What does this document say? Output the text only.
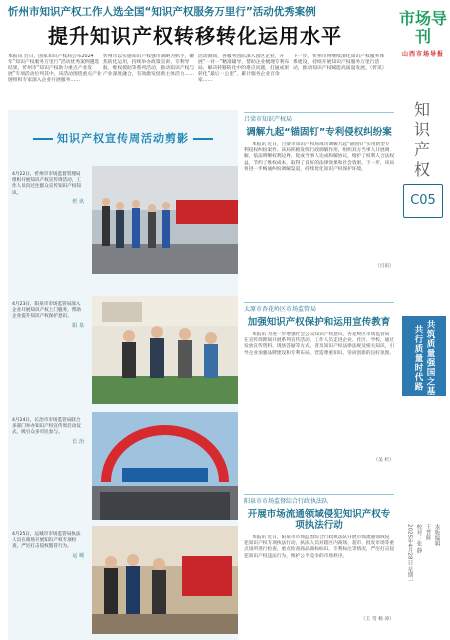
忻州市知识产权工作人选全国“知识产权服务万里行”活动优秀案例
提升知识产权转移转化运用水平
本报讯 近日，国家知识产权局公布2024年“知识产权服务万里行”活动优秀案例遴选结果，忻州市“知识产权助力重点产业发展”专项活动位列其中。该活动围绕重点产业链组织专家深入企业开展服务……忻州市以实施知识产权强市战略为抓手，聚焦转化运用，持续举办政策宣讲、专利导航、维权援助等系列活动，推动知识产权与产业深度融合，有效激发创新主体活力……活动期间，各服务团队深入园区企业，开展“一对一”精准辅导，帮助企业梳理专利布局，解决转移转化中的难点问题，打通成果转化“最后一公里”，累计服务企业百余家……下一步，忻州市将继续深化知识产权服务体系建设，持续开展知识产权服务万里行活动，推动知识产权赋能高质量发展。（忻讯）
市场导刊
山西市场导报
知识产权
C05
共筑质量强国之基
共行质量时代路
本版编辑
王晋辉
校对：张 静
2025年4月28日 星期一
知识产权宣传周活动剪影
4月22日，忻州市市场监督管理局组织开展知识产权宣传周活动，工作人员向过往群众宣传知识产权知识。
忻 讯
4月23日，阳泉市市场监管局深入企业开展知识产权上门服务，帮助企业提升知识产权保护意识。
阳 泉
4月24日，长治市市场监管局联合多部门举办知识产权宣传周启动仪式，吸引众多市民参与。
长 治
4月25日，运城市市场监管局执法人员在商场开展知识产权专项检查，严厉打击侵权假冒行为。
运 城
吕梁市知识产权局
调解九起“锚固钉”专利侵权纠纷案
本报讯 近日，吕梁市知识产权局成功调解九起“锚固钉”实用新型专利侵权纠纷案件。该局积极发挥行政调解作用，组织双方当事人开展调解，依法明晰权利边界，促成当事人达成和解协议，维护了权利人合法权益，节约了维权成本，取得了良好的法律效果和社会效果。下一步，该局将进一步畅通纠纷调解渠道，持续优化知识产权保护环境。
（吕讯）
太原市杏花岭区市场监管局
加强知识产权保护和运用宣传教育
本报讯 为进一步增强社会公众知识产权意识，杏花岭区市场监管局在宣传周期间开展系列宣传活动，工作人员走进企业、社区、学校，通过发放宣传资料、现场答疑等方式，普及知识产权法律法规及相关知识，引导企业加强品牌建设和专利布局，营造尊重知识、崇尚创新的良好氛围。
（吴 杉）
阳泉市市场监督综合行政执法队
开展市场流通领域侵犯知识产权专项执法行动
本报讯 近日，阳泉市市场监督综合行政执法队开展市场流通领域侵犯知识产权专项执法行动，执法人员对辖区内商场、超市、批发市场等重点场所进行检查，重点检查商品商标标识、专利标注等情况，严厉打击侵犯知识产权违法行为，维护公平竞争的市场秩序。
（王 雪 杨 涛）
